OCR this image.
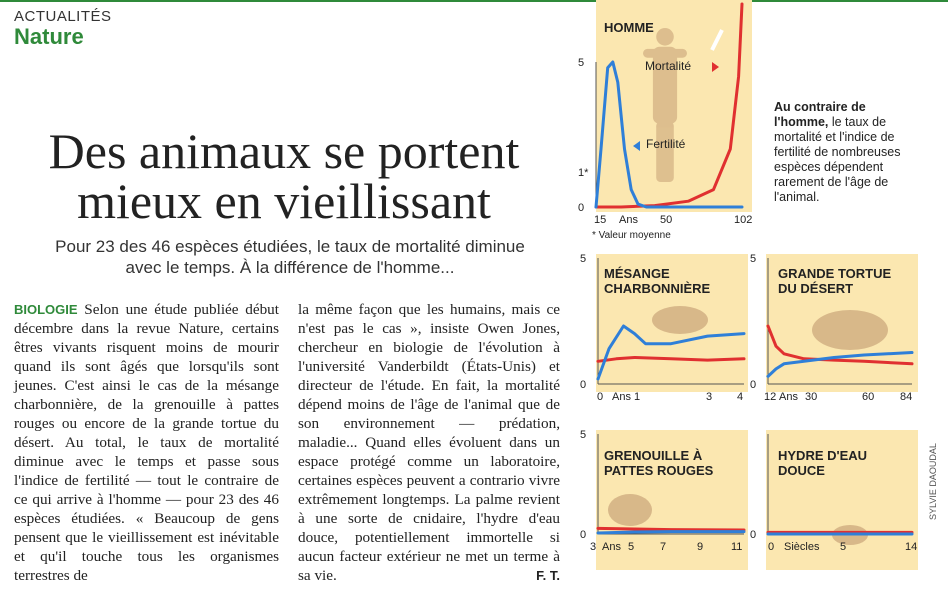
ACTUALITÉS
Nature
Des animaux se portent mieux en vieillissant
Pour 23 des 46 espèces étudiées, le taux de mortalité diminue avec le temps. À la différence de l'homme...
BIOLOGIE Selon une étude publiée début décembre dans la revue Nature, certains êtres vivants risquent moins de mourir quand ils sont âgés que lorsqu'ils sont jeunes. C'est ainsi le cas de la mésange charbonnière, de la grenouille à pattes rouges ou encore de la grande tortue du désert. Au total, le taux de mortalité diminue avec le temps et passe sous l'indice de fertilité — tout le contraire de ce qui arrive à l'homme — pour 23 des 46 espèces étudiées. « Beaucoup de gens pensent que le vieillissement est inévitable et qu'il touche tous les organismes terrestres de
la même façon que les humains, mais ce n'est pas le cas », insiste Owen Jones, chercheur en biologie de l'évolution à l'université Vanderbildt (États-Unis) et directeur de l'étude. En fait, la mortalité dépend moins de l'âge de l'animal que de son environnement — prédation, maladie... Quand elles évoluent dans un espace protégé comme un laboratoire, certaines espèces peuvent a contrario vivre extrêmement longtemps. La palme revient à une sorte de cnidaire, l'hydre d'eau douce, potentiellement immortelle si aucun facteur extérieur ne met un terme à sa vie.	F. T.
HOMME
MÉSANGE CHARBONNIÈRE
GRANDE TORTUE DU DÉSERT
GRENOUILLE À PATTES ROUGES
HYDRE D'EAU DOUCE
* Valeur moyenne
Au contraire de l'homme, le taux de mortalité et l'indice de fertilité de nombreuses espèces dépendent rarement de l'âge de l'animal.
SYLVIE DAOUDAL
15 Ans 50	102
5
1*
0
0 Ans 1	3 4
5
0
12 Ans 30	60 84
5
0
3 Ans 5 7	9	11
5
0
0 Siècles 5	14
0
Mortalité
Fertilité
